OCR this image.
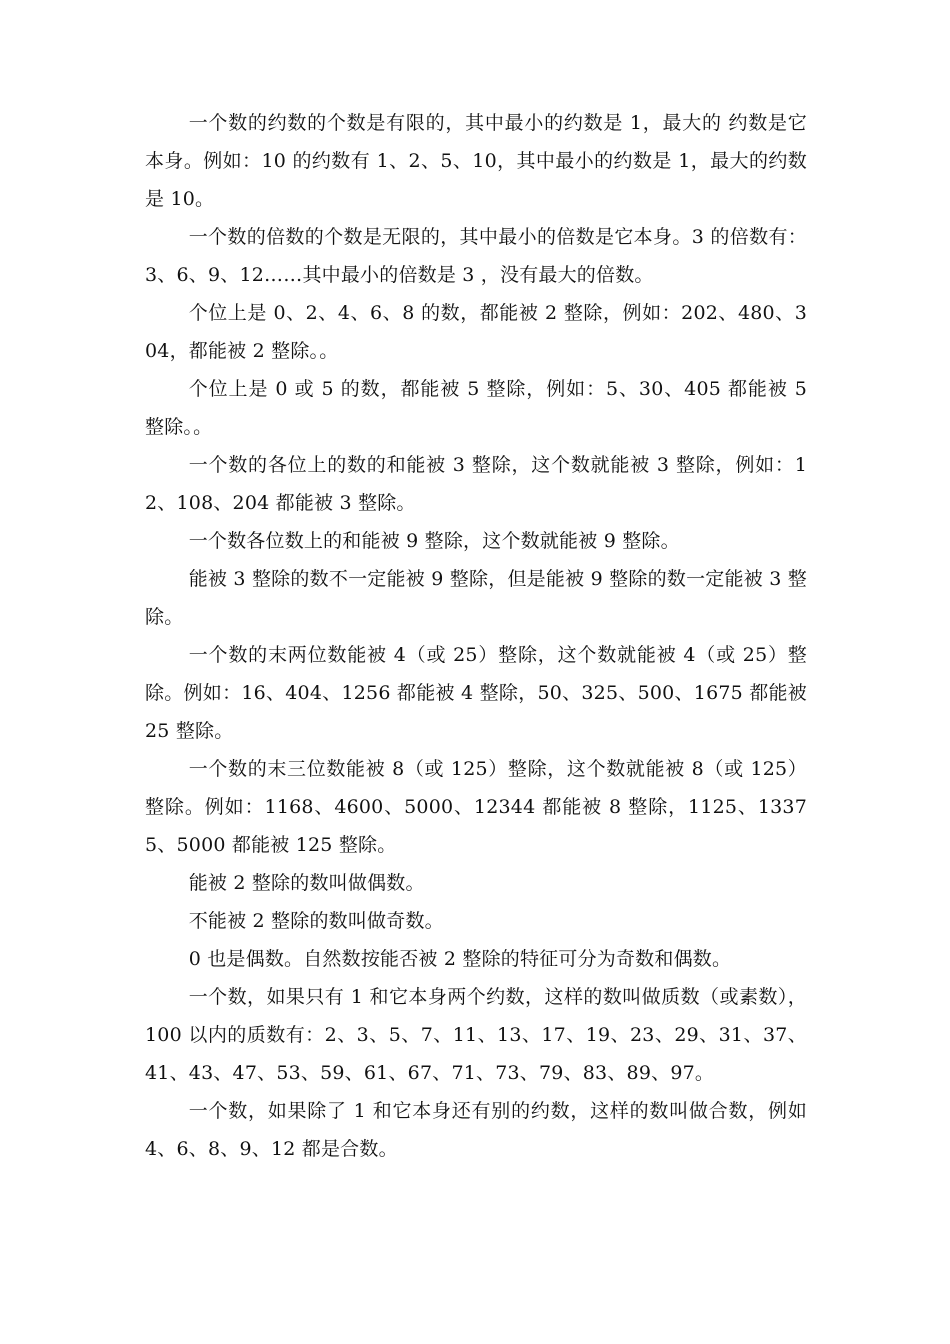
一个数的约数的个数是有限的，其中最小的约数是 1，最大的 约数是它本身。例如：10 的约数有 1、2、5、10，其中最小的约数是 1，最大的约数是 10。

一个数的倍数的个数是无限的，其中最小的倍数是它本身。3 的倍数有：3、6、9、12……其中最小的倍数是 3 ，没有最大的倍数。

个位上是 0、2、4、6、8 的数，都能被 2 整除，例如：202、480、304，都能被 2 整除。。

个位上是 0 或 5 的数，都能被 5 整除，例如：5、30、405 都能被 5 整除。。

一个数的各位上的数的和能被 3 整除，这个数就能被 3 整除，例如：12、108、204 都能被 3 整除。

一个数各位数上的和能被 9 整除，这个数就能被 9 整除。

能被 3 整除的数不一定能被 9 整除，但是能被 9 整除的数一定能被 3 整除。

一个数的末两位数能被 4（或 25）整除，这个数就能被 4（或 25）整除。例如：16、404、1256 都能被 4 整除，50、325、500、1675 都能被 25 整除。

一个数的末三位数能被 8（或 125）整除，这个数就能被 8（或 125）整除。例如：1168、4600、5000、12344 都能被 8 整除，1125、13375、5000 都能被 125 整除。

能被 2 整除的数叫做偶数。

不能被 2 整除的数叫做奇数。

0 也是偶数。自然数按能否被 2 整除的特征可分为奇数和偶数。

一个数，如果只有 1 和它本身两个约数，这样的数叫做质数（或素数），100 以内的质数有：2、3、5、7、11、13、17、19、23、29、31、37、41、43、47、53、59、61、67、71、73、79、83、89、97。

一个数，如果除了 1 和它本身还有别的约数，这样的数叫做合数，例如 4、6、8、9、12 都是合数。
